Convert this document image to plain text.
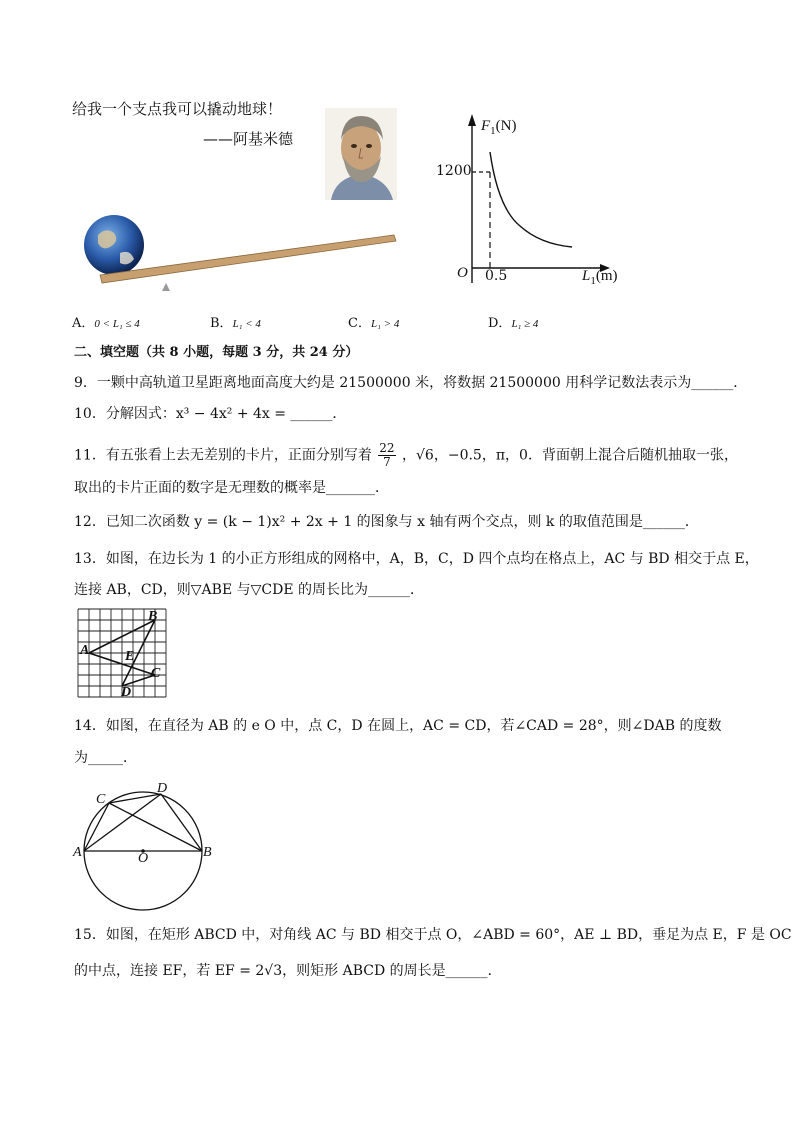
给我一个支点我可以撬动地球！
——阿基米德
$F_1(N)$
1200
O 0.5	$L_1(m)$
A．0 < L₁ ≤ 4	B．L₁ < 4	C．L₁ > 4	D．L₁ ≥ 4
二、填空题（共 8 小题，每题 3 分，共 24 分）
9．一颗中高轨道卫星距离地面高度大约是 21500000 米，将数据 21500000 用科学记数法表示为______．
10．分解因式：x³ − 4x² + 4x = ______．
11．有五张看上去无差别的卡片，正面分别写着 $\frac{22}{7}$ ，√6，−0.5，π，0．背面朝上混合后随机抽取一张，
取出的卡片正面的数字是无理数的概率是_______．
12．已知二次函数 y = (k − 1)x² + 2x + 1 的图象与 x 轴有两个交点，则 k 的取值范围是______．
13．如图，在边长为 1 的小正方形组成的网格中，A，B，C，D 四个点均在格点上，AC 与 BD 相交于点 E，
连接 AB，CD，则▽ABE 与▽CDE 的周长比为______．
B
A	E
C
D
14．如图，在直径为 AB 的 e O 中，点 C，D 在圆上，AC = CD，若∠CAD = 28°，则∠DAB 的度数
为_____．
C
D
A	B
O
15．如图，在矩形 ABCD 中，对角线 AC 与 BD 相交于点 O，∠ABD = 60°，AE ⊥ BD，垂足为点 E，F 是 OC
的中点，连接 EF，若 EF = 2√3，则矩形 ABCD 的周长是______．
